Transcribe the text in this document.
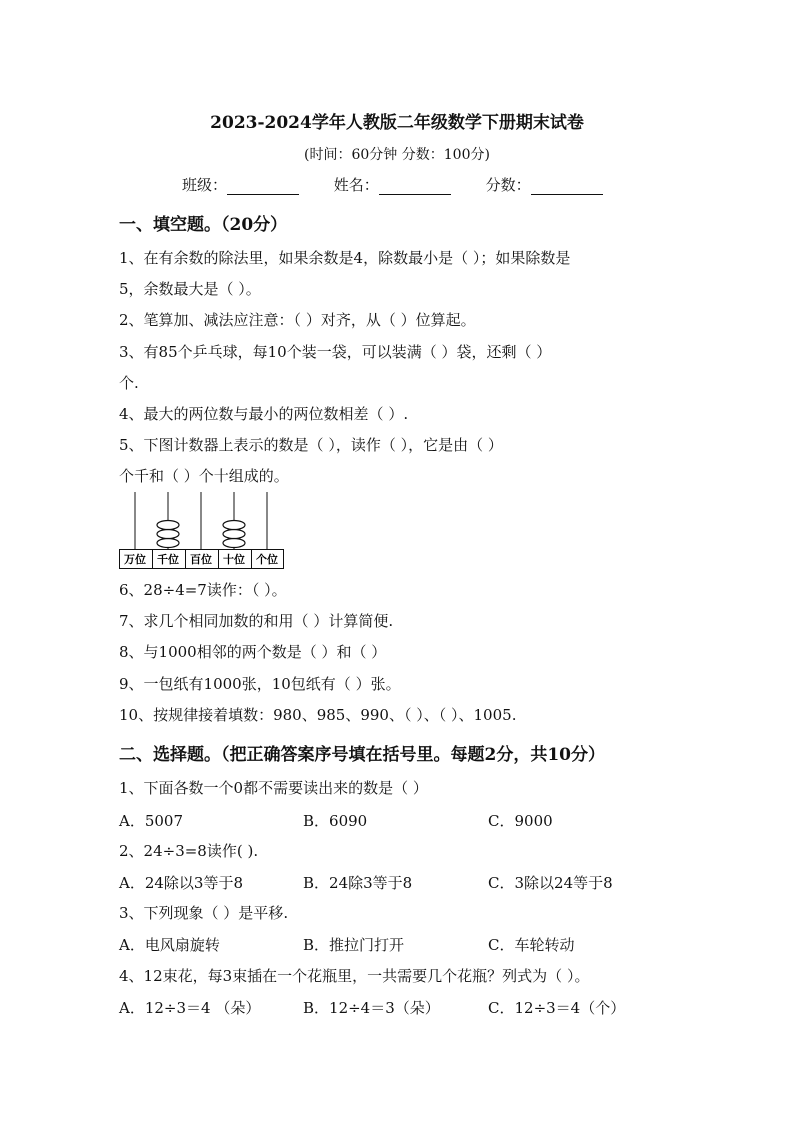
2023-2024学年人教版二年级数学下册期末试卷
(时间：60分钟 分数：100分)
班级：	姓名：	分数：
一、填空题。（20分）
1、在有余数的除法里，如果余数是4，除数最小是（ ）；如果除数是
5，余数最大是（ ）。
2、笔算加、减法应注意：（ ）对齐，从（ ）位算起。
3、有85个乒乓球，每10个装一袋，可以装满（ ）袋，还剩（ ）
个.
4、最大的两位数与最小的两位数相差（ ）.
5、下图计数器上表示的数是（ ），读作（ ），它是由（ ）
个千和（ ）个十组成的。
万位 千位 百位 十位 个位
6、28÷4=7读作：（ ）。
7、求几个相同加数的和用（ ）计算简便.
8、与1000相邻的两个数是（ ）和（ ）
9、一包纸有1000张，10包纸有（ ）张。
10、按规律接着填数：980、985、990、（ ）、（ ）、1005.
二、选择题。（把正确答案序号填在括号里。每题2分，共10分）
1、下面各数一个0都不需要读出来的数是（ ）
A．5007	B．6090	C．9000
2、24÷3=8读作( ).
A．24除以3等于8	B．24除3等于8	C．3除以24等于8
3、下列现象（ ）是平移.
A．电风扇旋转	B．推拉门打开	C．车轮转动
4、12束花，每3束插在一个花瓶里，一共需要几个花瓶？列式为（ ）。
A．12÷3＝4 （朵）	B．12÷4＝3（朵）	C．12÷3＝4（个）
